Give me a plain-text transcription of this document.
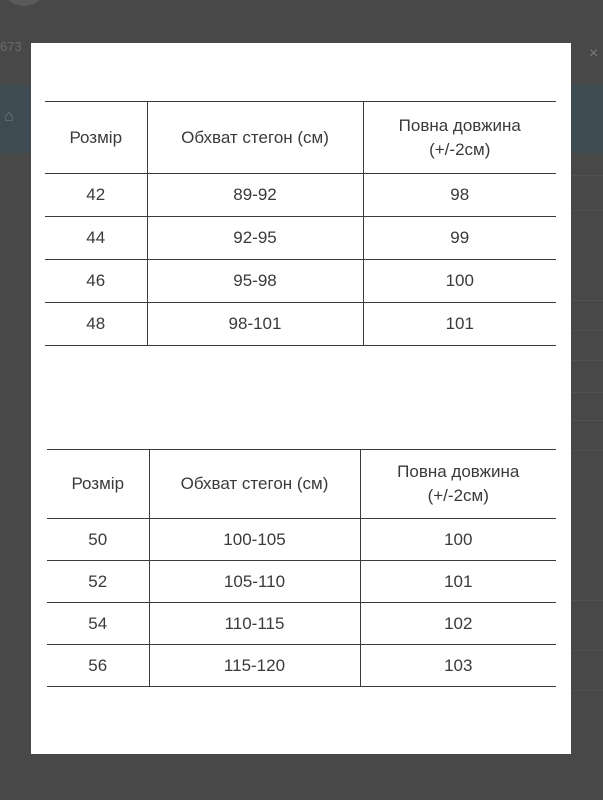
673
⌂
×
Розмір	Обхват стегон (см)	Повна довжина
(+/-2см)
42	89-92	98
44	92-95	99
46	95-98	100
48	98-101	101
Розмір	Обхват стегон (см)	Повна довжина
(+/-2см)
50	100-105	100
52	105-110	101
54	110-115	102
56	115-120	103
